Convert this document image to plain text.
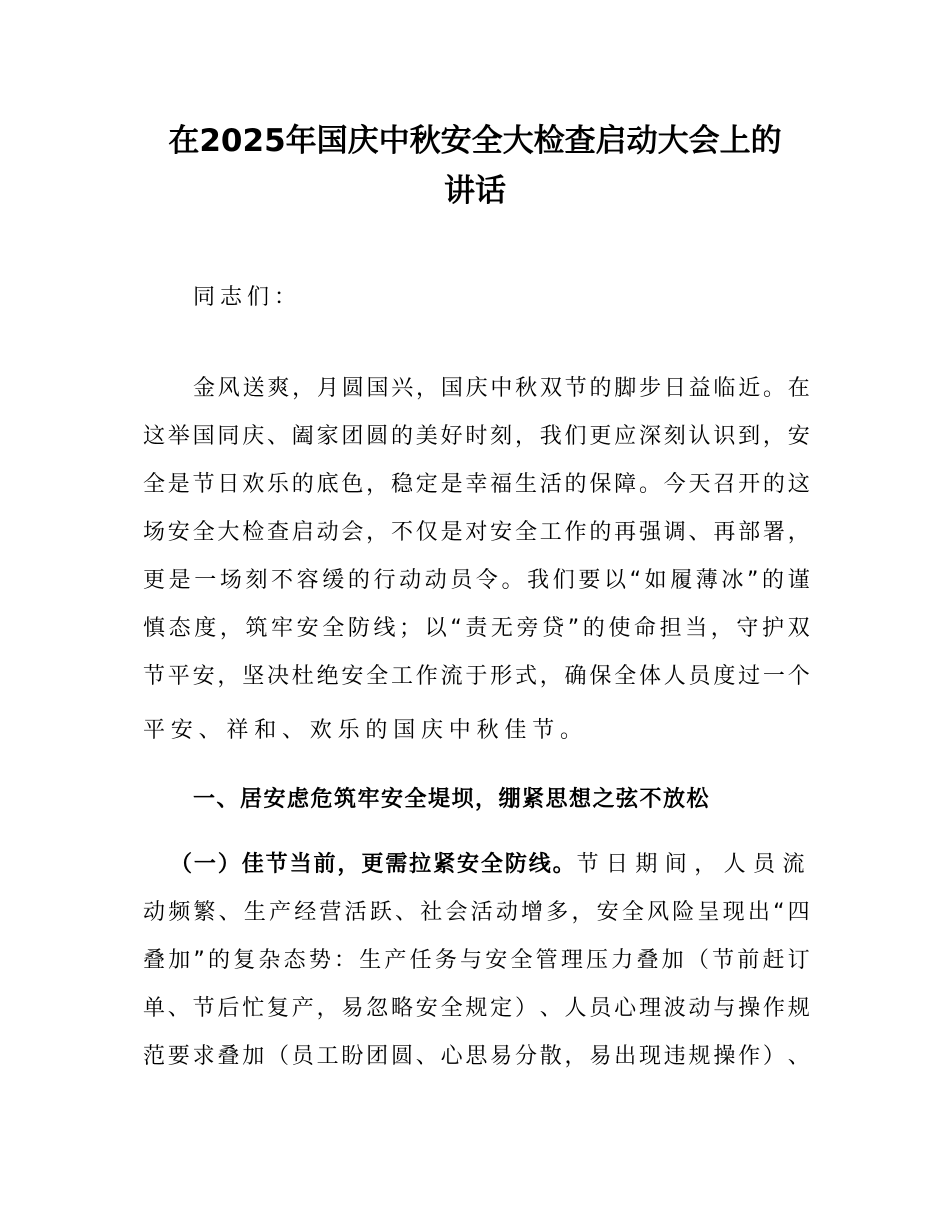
在2025年国庆中秋安全大检查启动大会上的
讲话
同志们：
金 风 送 爽 ， 月 圆 国 兴 ， 国 庆 中 秋 双 节 的 脚 步 日 益 临 近 。 在
这 举 国 同 庆 、 阖 家 团 圆 的 美 好 时 刻 ， 我 们 更 应 深 刻 认 识 到 ， 安
全 是 节 日 欢 乐 的 底 色 ， 稳 定 是 幸 福 生 活 的 保 障 。 今 天 召 开 的 这
场 安 全 大 检 查 启 动 会 ， 不 仅 是 对 安 全 工 作 的 再 强 调 、 再 部 署 ，
更 是 一 场 刻 不 容 缓 的 行 动 动 员 令 。 我 们 要 以 “ 如 履 薄 冰 ” 的 谨
慎 态 度 ， 筑 牢 安 全 防 线 ； 以 “ 责 无 旁 贷 ” 的 使 命 担 当 ， 守 护 双
节 平 安 ， 坚 决 杜 绝 安 全 工 作 流 于 形 式 ， 确 保 全 体 人 员 度 过 一 个
平安、祥和、欢乐的国庆中秋佳节。
一、居安虑危筑牢安全堤坝，绷紧思想之弦不放松
（一）佳节当前，更需拉紧安全防线。节日期间，人员流
动 频 繁 、 生 产 经 营 活 跃 、 社 会 活 动 增 多 ， 安 全 风 险 呈 现 出 “ 四
叠 加 ” 的 复 杂 态 势 ： 生 产 任 务 与 安 全 管 理 压 力 叠 加 （ 节 前 赶 订
单 、 节 后 忙 复 产 ， 易 忽 略 安 全 规 定 ） 、 人 员 心 理 波 动 与 操 作 规
范 要 求 叠 加 （ 员 工 盼 团 圆 、 心 思 易 分 散 ， 易 出 现 违 规 操 作 ） 、
